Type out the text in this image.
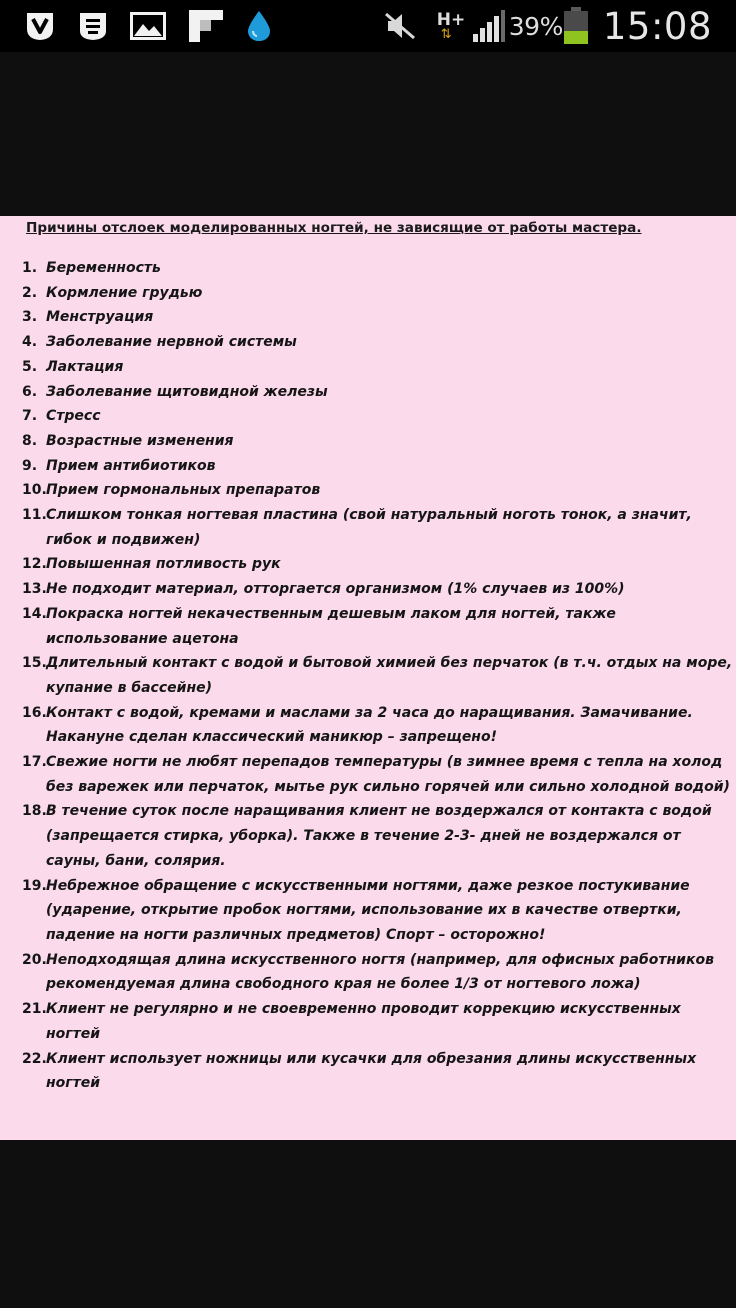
H+
⇅ 39% 15:08

Причины отслоек моделированных ногтей, не зависящие от работы мастера.

1. Беременность
2. Кормление грудью
3. Менструация
4. Заболевание нервной системы
5. Лактация
6. Заболевание щитовидной железы
7. Стресс
8. Возрастные изменения
9. Прием антибиотиков
10. Прием гормональных препаратов
11. Слишком тонкая ногтевая пластина (свой натуральный ноготь тонок, а значит, гибок и подвижен)
12. Повышенная потливость рук
13. Не подходит материал, отторгается организмом (1% случаев из 100%)
14. Покраска ногтей некачественным дешевым лаком для ногтей, также использование ацетона
15. Длительный контакт с водой и бытовой химией без перчаток (в т.ч. отдых на море, купание в бассейне)
16. Контакт с водой, кремами и маслами за 2 часа до наращивания. Замачивание. Накануне сделан классический маникюр – запрещено!
17. Свежие ногти не любят перепадов температуры (в зимнее время с тепла на холод без варежек или перчаток, мытье рук сильно горячей или сильно холодной водой)
18. В течение суток после наращивания клиент не воздержался от контакта с водой (запрещается стирка, уборка). Также в течение 2-3- дней не воздержался от сауны, бани, солярия.
19. Небрежное обращение с искусственными ногтями, даже резкое постукивание (ударение, открытие пробок ногтями, использование их в качестве отвертки, падение на ногти различных предметов) Спорт – осторожно!
20. Неподходящая длина искусственного ногтя (например, для офисных работников рекомендуемая длина свободного края не более 1/3 от ногтевого ложа)
21. Клиент не регулярно и не своевременно проводит коррекцию искусственных ногтей
22. Клиент использует ножницы или кусачки для обрезания длины искусственных ногтей
